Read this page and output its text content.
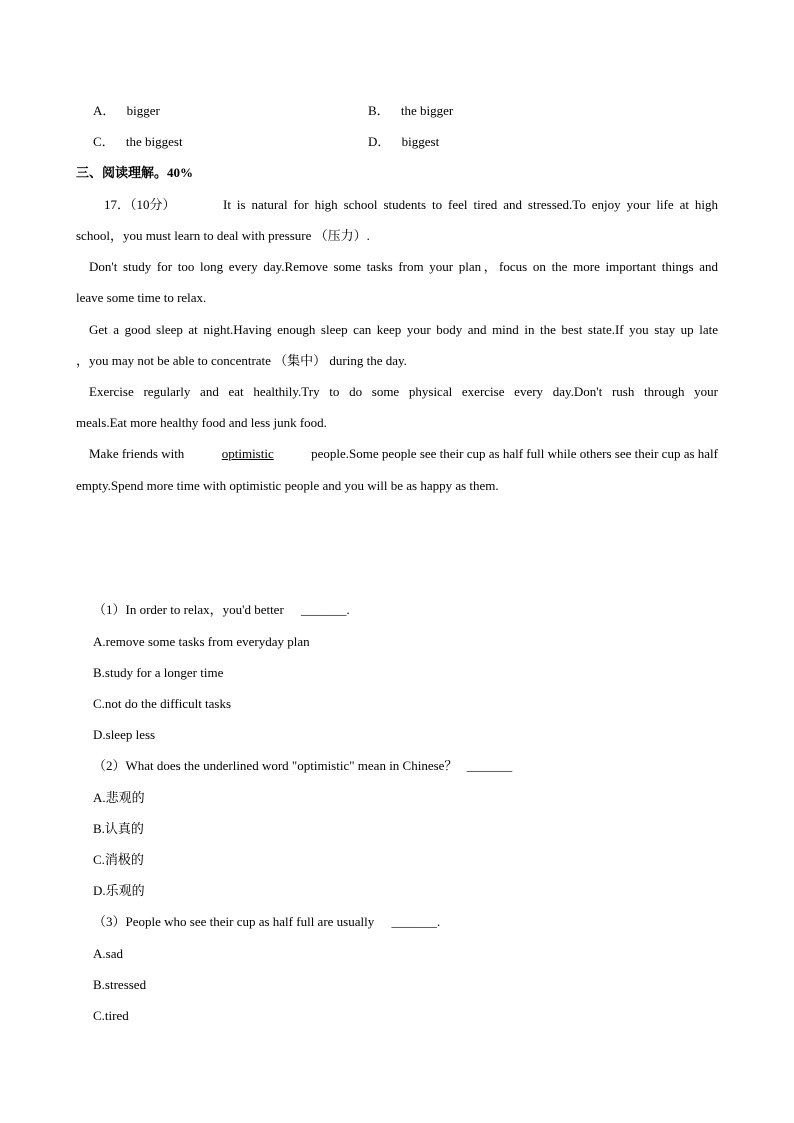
A． bigger	B． the bigger
C． the biggest	D． biggest
三、阅读理解。40%
17．（10分）	It is natural for high school students to feel tired and stressed.To enjoy your life at high
school，you must learn to deal with pressure （压力）.
Don't study for too long every day.Remove some tasks from your plan，focus on the more important things and
leave some time to relax.
Get a good sleep at night.Having enough sleep can keep your body and mind in the best state.If you stay up late
，you may not be able to concentrate （集中） during the day.
Exercise regularly and eat healthily.Try to do some physical exercise every day.Don't rush through your
meals.Eat more healthy food and less junk food.
Make friends with	optimistic	people.Some people see their cup as half full while others see their cup as half
empty.Spend more time with optimistic people and you will be as happy as them.
（1）In order to relax，you'd better _______.
A.remove some tasks from everyday plan
B.study for a longer time
C.not do the difficult tasks
D.sleep less
（2）What does the underlined word "optimistic" mean in Chinese？ _______
A.悲观的
B.认真的
C.消极的
D.乐观的
（3）People who see their cup as half full are usually _______.
A.sad
B.stressed
C.tired
